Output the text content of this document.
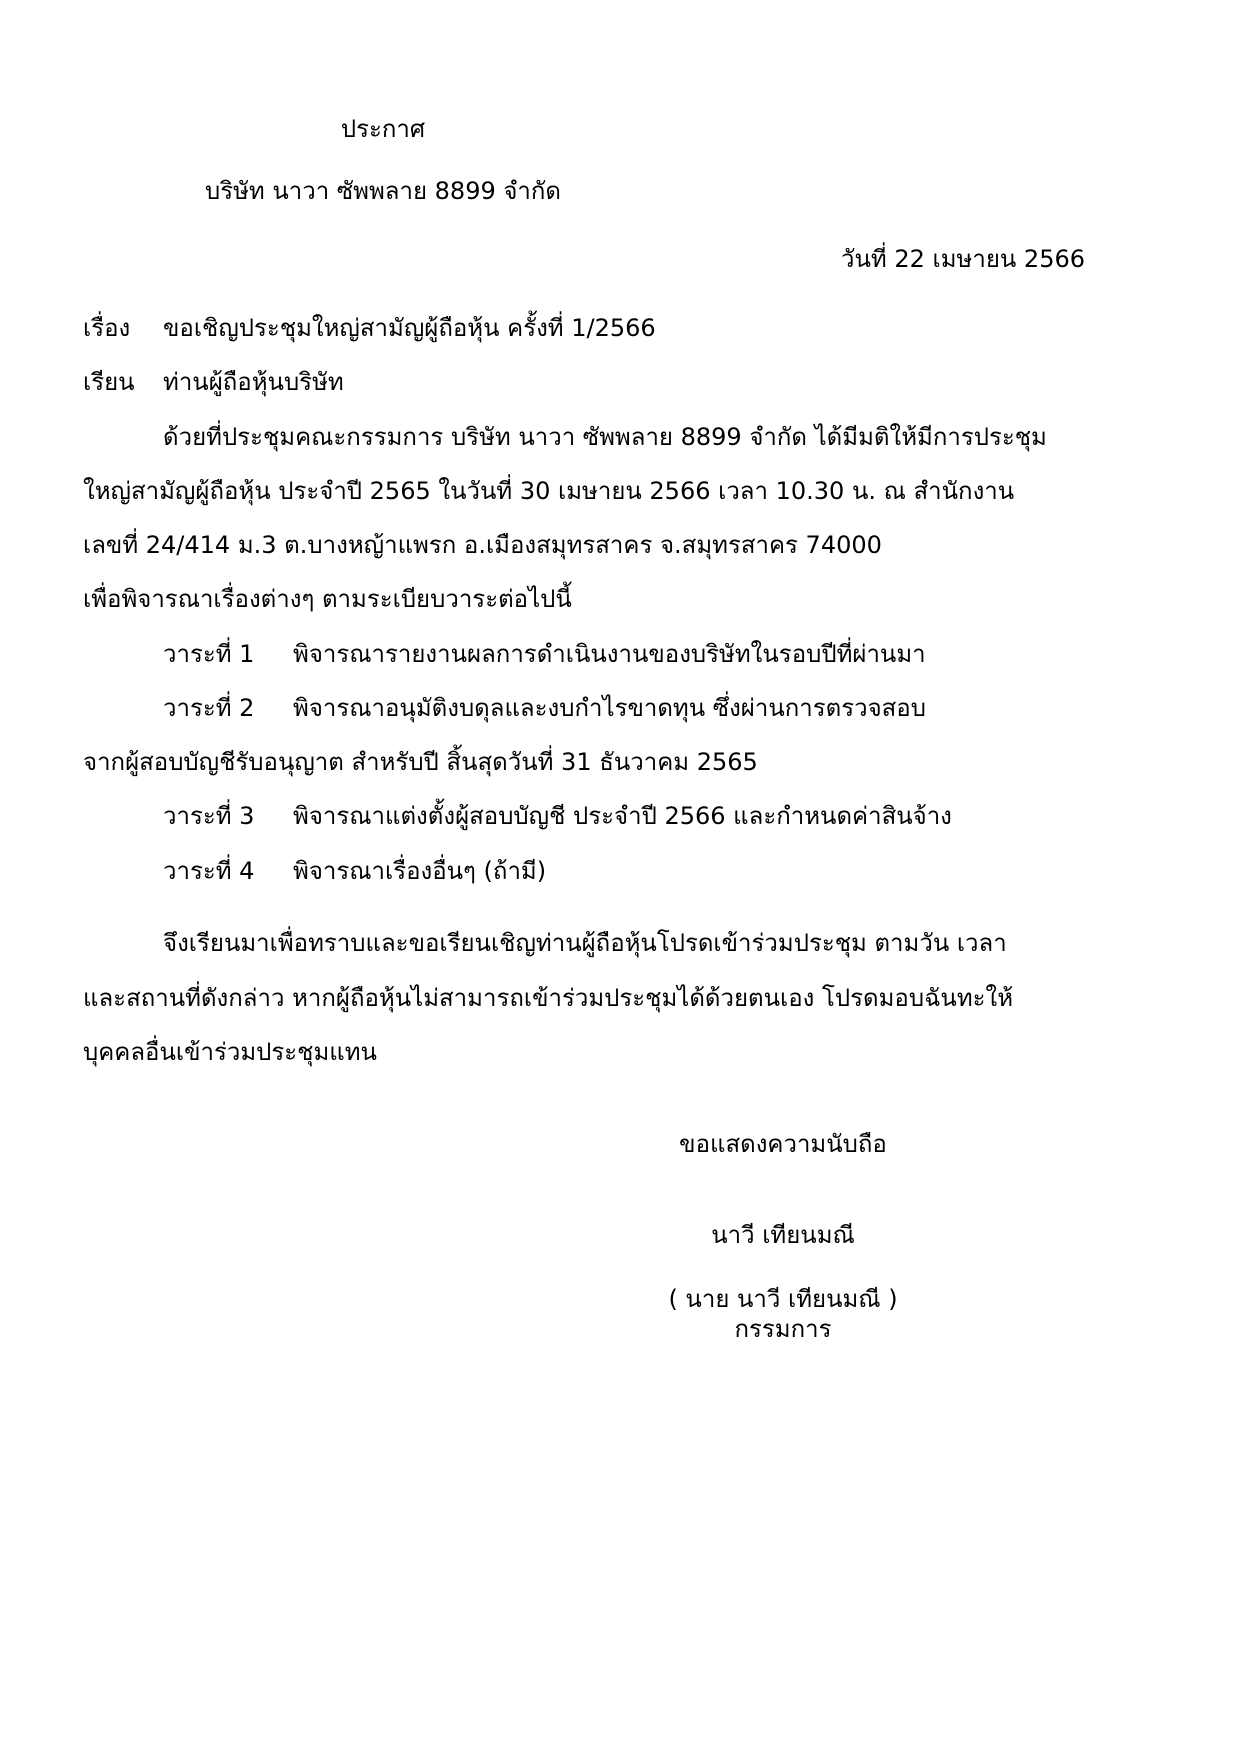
ประกาศ
บริษัท นาวา ซัพพลาย 8899 จำกัด
วันที่ 22 เมษายน 2566
เรื่อง ขอเชิญประชุมใหญ่สามัญผู้ถือหุ้น ครั้งที่ 1/2566
เรียน ท่านผู้ถือหุ้นบริษัท
ด้วยที่ประชุมคณะกรรมการ บริษัท นาวา ซัพพลาย 8899 จำกัด ได้มีมติให้มีการประชุม
ใหญ่สามัญผู้ถือหุ้น ประจำปี 2565 ในวันที่ 30 เมษายน 2566 เวลา 10.30 น. ณ สำนักงาน
เลขที่ 24/414 ม.3 ต.บางหญ้าแพรก อ.เมืองสมุทรสาคร จ.สมุทรสาคร 74000
เพื่อพิจารณาเรื่องต่างๆ ตามระเบียบวาระต่อไปนี้
วาระที่ 1 พิจารณารายงานผลการดำเนินงานของบริษัทในรอบปีที่ผ่านมา
วาระที่ 2 พิจารณาอนุมัติงบดุลและงบกำไรขาดทุน ซึ่งผ่านการตรวจสอบ
จากผู้สอบบัญชีรับอนุญาต สำหรับปี สิ้นสุดวันที่ 31 ธันวาคม 2565
วาระที่ 3 พิจารณาแต่งตั้งผู้สอบบัญชี ประจำปี 2566 และกำหนดค่าสินจ้าง
วาระที่ 4 พิจารณาเรื่องอื่นๆ (ถ้ามี)
จึงเรียนมาเพื่อทราบและขอเรียนเชิญท่านผู้ถือหุ้นโปรดเข้าร่วมประชุม ตามวัน เวลา
และสถานที่ดังกล่าว หากผู้ถือหุ้นไม่สามารถเข้าร่วมประชุมได้ด้วยตนเอง โปรดมอบฉันทะให้
บุคคลอื่นเข้าร่วมประชุมแทน
ขอแสดงความนับถือ
นาวี เทียนมณี
( นาย นาวี เทียนมณี )
กรรมการ
